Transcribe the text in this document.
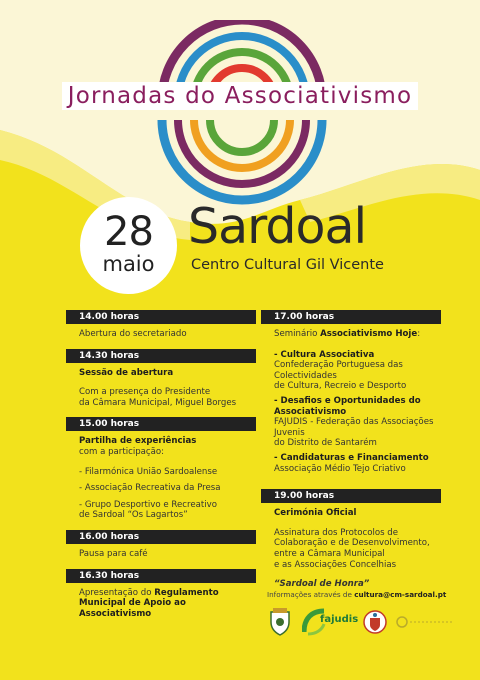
Jornadas do Associativismo
28
maio
Sardoal
Centro Cultural Gil Vicente
14.00 horas
Abertura do secretariado
14.30 horas
Sessão de abertura
Com a presença do Presidente
da Câmara Municipal, Miguel Borges
15.00 horas
Partilha de experiências
com a participação:
- Filarmónica União Sardoalense
- Associação Recreativa da Presa
- Grupo Desportivo e Recreativo
de Sardoal “Os Lagartos”
16.00 horas
Pausa para café
16.30 horas
Apresentação do Regulamento
Municipal de Apoio ao Associativismo
17.00 horas
Seminário Associativismo Hoje:
- Cultura Associativa
Confederação Portuguesa das Colectividades
de Cultura, Recreio e Desporto
- Desafios e Oportunidades do Associativismo
FAJUDIS - Federação das Associações Juvenis
do Distrito de Santarém
- Candidaturas e Financiamento
Associação Médio Tejo Criativo
19.00 horas
Cerimónia Oficial
Assinatura dos Protocolos de
Colaboração e de Desenvolvimento,
entre a Câmara Municipal
e as Associações Concelhias
“Sardoal de Honra”
Informações através de cultura@cm-sardoal.pt
fajudis
